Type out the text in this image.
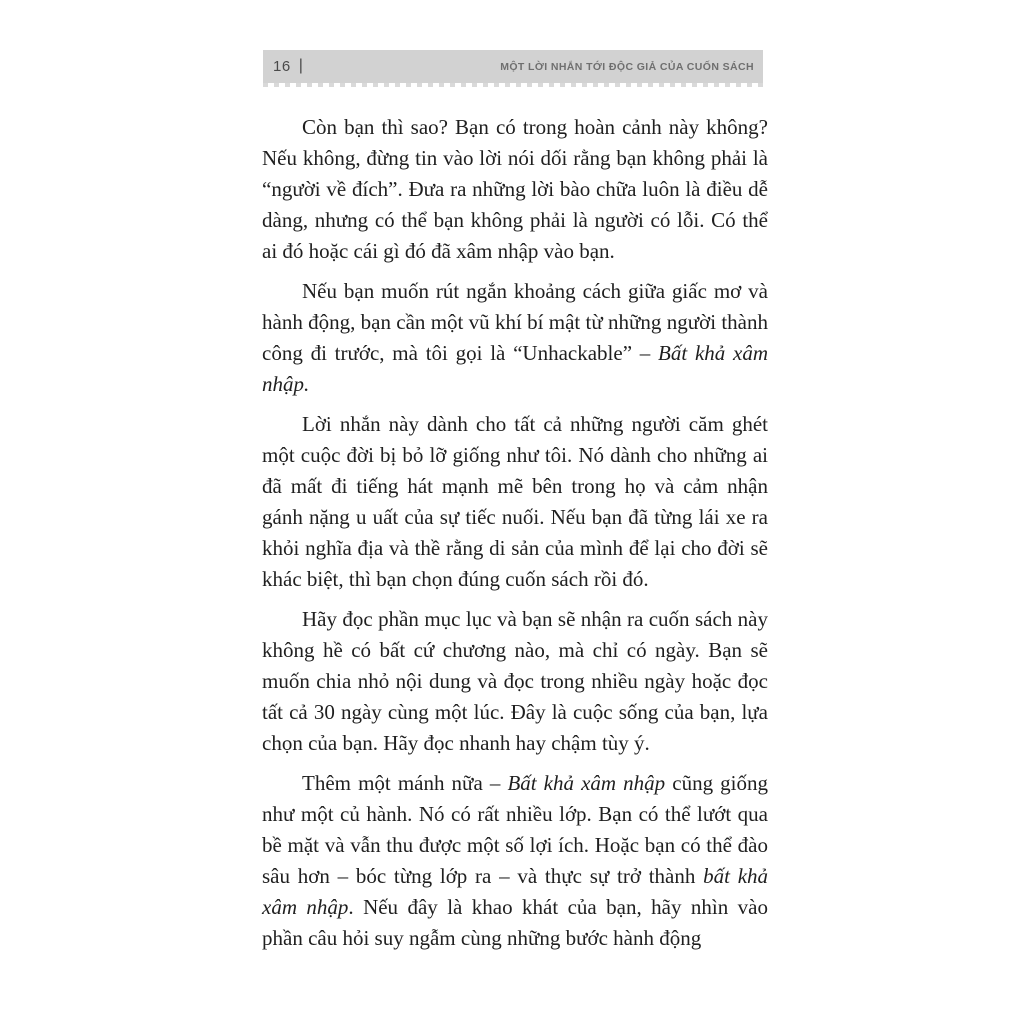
16 |	MỘT LỜI NHẮN TỚI ĐỘC GIẢ CỦA CUỐN SÁCH

Còn bạn thì sao? Bạn có trong hoàn cảnh này không? Nếu không, đừng tin vào lời nói dối rằng bạn không phải là “người về đích”. Đưa ra những lời bào chữa luôn là điều dễ dàng, nhưng có thể bạn không phải là người có lỗi. Có thể ai đó hoặc cái gì đó đã xâm nhập vào bạn.

Nếu bạn muốn rút ngắn khoảng cách giữa giấc mơ và hành động, bạn cần một vũ khí bí mật từ những người thành công đi trước, mà tôi gọi là “Unhackable” – Bất khả xâm nhập.

Lời nhắn này dành cho tất cả những người căm ghét một cuộc đời bị bỏ lỡ giống như tôi. Nó dành cho những ai đã mất đi tiếng hát mạnh mẽ bên trong họ và cảm nhận gánh nặng u uất của sự tiếc nuối. Nếu bạn đã từng lái xe ra khỏi nghĩa địa và thề rằng di sản của mình để lại cho đời sẽ khác biệt, thì bạn chọn đúng cuốn sách rồi đó.

Hãy đọc phần mục lục và bạn sẽ nhận ra cuốn sách này không hề có bất cứ chương nào, mà chỉ có ngày. Bạn sẽ muốn chia nhỏ nội dung và đọc trong nhiều ngày hoặc đọc tất cả 30 ngày cùng một lúc. Đây là cuộc sống của bạn, lựa chọn của bạn. Hãy đọc nhanh hay chậm tùy ý.

Thêm một mánh nữa – Bất khả xâm nhập cũng giống như một củ hành. Nó có rất nhiều lớp. Bạn có thể lướt qua bề mặt và vẫn thu được một số lợi ích. Hoặc bạn có thể đào sâu hơn – bóc từng lớp ra – và thực sự trở thành bất khả xâm nhập. Nếu đây là khao khát của bạn, hãy nhìn vào phần câu hỏi suy ngẫm cùng những bước hành động
